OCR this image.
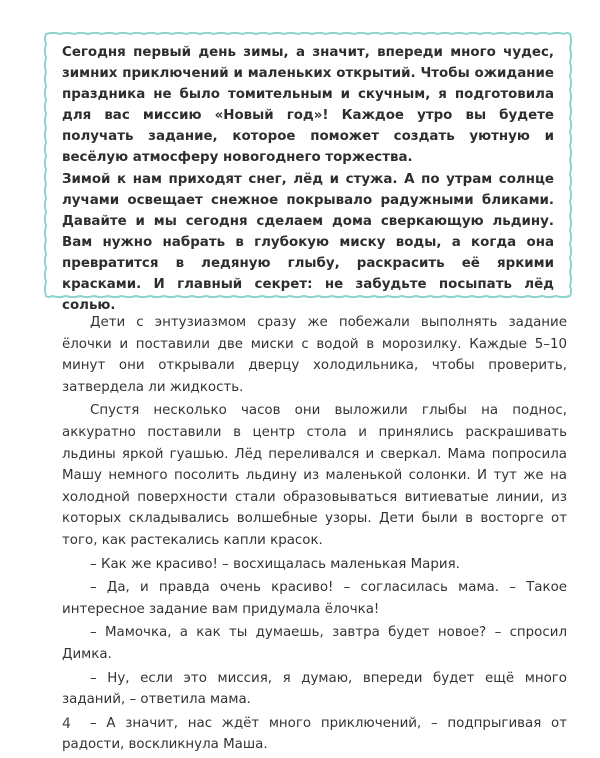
Сегодня первый день зимы, а значит, впереди много чудес, зимних приключений и маленьких открытий. Чтобы ожидание праздника не было томительным и скучным, я подготовила для вас миссию «Новый год»! Каждое утро вы будете получать задание, которое поможет создать уютную и весёлую атмосферу новогоднего торжества.

Зимой к нам приходят снег, лёд и стужа. А по утрам солнце лучами освещает снежное покрывало радужными бликами. Давайте и мы сегодня сделаем дома сверкающую льдину. Вам нужно набрать в глубокую миску воды, а когда она превратится в ледяную глыбу, раскрасить её яркими красками. И главный секрет: не забудьте посыпать лёд солью.

Дети с энтузиазмом сразу же побежали выполнять задание ёлочки и поставили две миски с водой в морозилку. Каждые 5–10 минут они открывали дверцу холодильника, чтобы проверить, затвердела ли жидкость.

Спустя несколько часов они выложили глыбы на поднос, аккуратно поставили в центр стола и принялись раскрашивать льдины яркой гуашью. Лёд переливался и сверкал. Мама попросила Машу немного посолить льдину из маленькой солонки. И тут же на холодной поверхности стали образовываться витиеватые линии, из которых складывались волшебные узоры. Дети были в восторге от того, как растекались капли красок.

– Как же красиво! – восхищалась маленькая Мария.

– Да, и правда очень красиво! – согласилась мама. – Такое интересное задание вам придумала ёлочка!

– Мамочка, а как ты думаешь, завтра будет новое? – спросил Димка.

– Ну, если это миссия, я думаю, впереди будет ещё много заданий, – ответила мама.

– А значит, нас ждёт много приключений, – подпрыгивая от радости, воскликнула Маша.

4
